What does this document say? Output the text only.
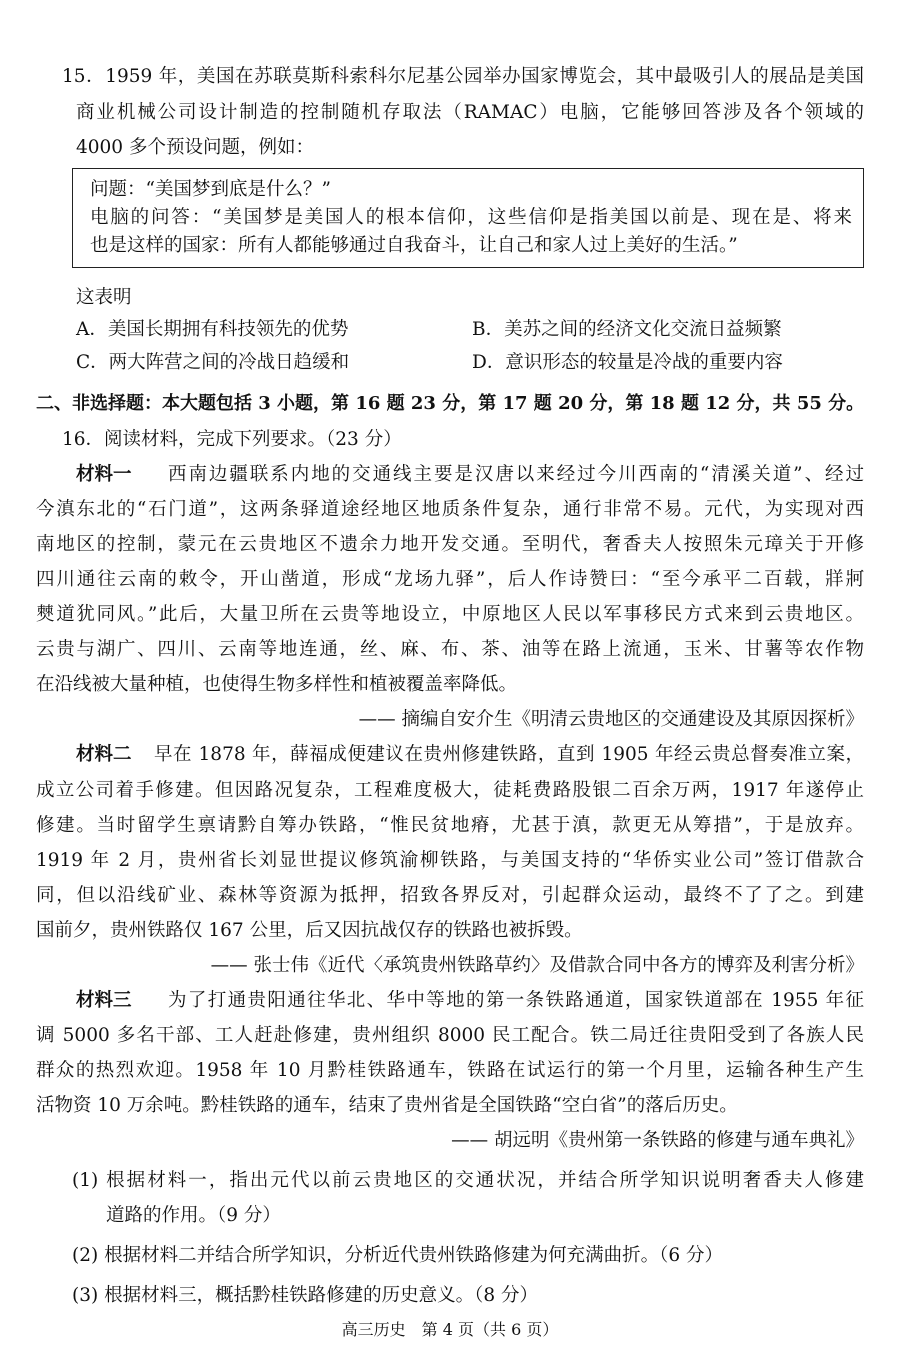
15．1959 年，美国在苏联莫斯科索科尔尼基公园举办国家博览会，其中最吸引人的展品是美国
商业机械公司设计制造的控制随机存取法（RAMAC）电脑，它能够回答涉及各个领域的
4000 多个预设问题，例如：
问题：“美国梦到底是什么？”
电脑的问答：“美国梦是美国人的根本信仰，这些信仰是指美国以前是、现在是、将来
也是这样的国家：所有人都能够通过自我奋斗，让自己和家人过上美好的生活。”
这表明
A．美国长期拥有科技领先的优势	B．美苏之间的经济文化交流日益频繁
C．两大阵营之间的冷战日趋缓和	D．意识形态的较量是冷战的重要内容
二、非选择题：本大题包括 3 小题，第 16 题 23 分，第 17 题 20 分，第 18 题 12 分，共 55 分。
16．阅读材料，完成下列要求。（23 分）
材料一 西南边疆联系内地的交通线主要是汉唐以来经过今川西南的“清溪关道”、经过
今滇东北的“石门道”，这两条驿道途经地区地质条件复杂，通行非常不易。元代，为实现对西
南地区的控制，蒙元在云贵地区不遗余力地开发交通。至明代，奢香夫人按照朱元璋关于开修
四川通往云南的敕令，开山凿道，形成“龙场九驿”，后人作诗赞曰：“至今承平二百载，牂牁
僰道犹同风。”此后，大量卫所在云贵等地设立，中原地区人民以军事移民方式来到云贵地区。
云贵与湖广、四川、云南等地连通，丝、麻、布、茶、油等在路上流通，玉米、甘薯等农作物
在沿线被大量种植，也使得生物多样性和植被覆盖率降低。
—— 摘编自安介生《明清云贵地区的交通建设及其原因探析》
材料二 早在 1878 年，薛福成便建议在贵州修建铁路，直到 1905 年经云贵总督奏准立案，
成立公司着手修建。但因路况复杂，工程难度极大，徒耗费路股银二百余万两，1917 年遂停止
修建。当时留学生禀请黔自筹办铁路，“惟民贫地瘠，尤甚于滇，款更无从筹措”，于是放弃。
1919 年 2 月，贵州省长刘显世提议修筑渝柳铁路，与美国支持的“华侨实业公司”签订借款合
同，但以沿线矿业、森林等资源为抵押，招致各界反对，引起群众运动，最终不了了之。到建
国前夕，贵州铁路仅 167 公里，后又因抗战仅存的铁路也被拆毁。
—— 张士伟《近代〈承筑贵州铁路草约〉及借款合同中各方的博弈及利害分析》
材料三 为了打通贵阳通往华北、华中等地的第一条铁路通道，国家铁道部在 1955 年征
调 5000 多名干部、工人赶赴修建，贵州组织 8000 民工配合。铁二局迁往贵阳受到了各族人民
群众的热烈欢迎。1958 年 10 月黔桂铁路通车，铁路在试运行的第一个月里，运输各种生产生
活物资 10 万余吨。黔桂铁路的通车，结束了贵州省是全国铁路“空白省”的落后历史。
—— 胡远明《贵州第一条铁路的修建与通车典礼》
(1) 根据材料一，指出元代以前云贵地区的交通状况，并结合所学知识说明奢香夫人修建
道路的作用。（9 分）
(2) 根据材料二并结合所学知识，分析近代贵州铁路修建为何充满曲折。（6 分）
(3) 根据材料三，概括黔桂铁路修建的历史意义。（8 分）
高三历史　第 4 页（共 6 页）
